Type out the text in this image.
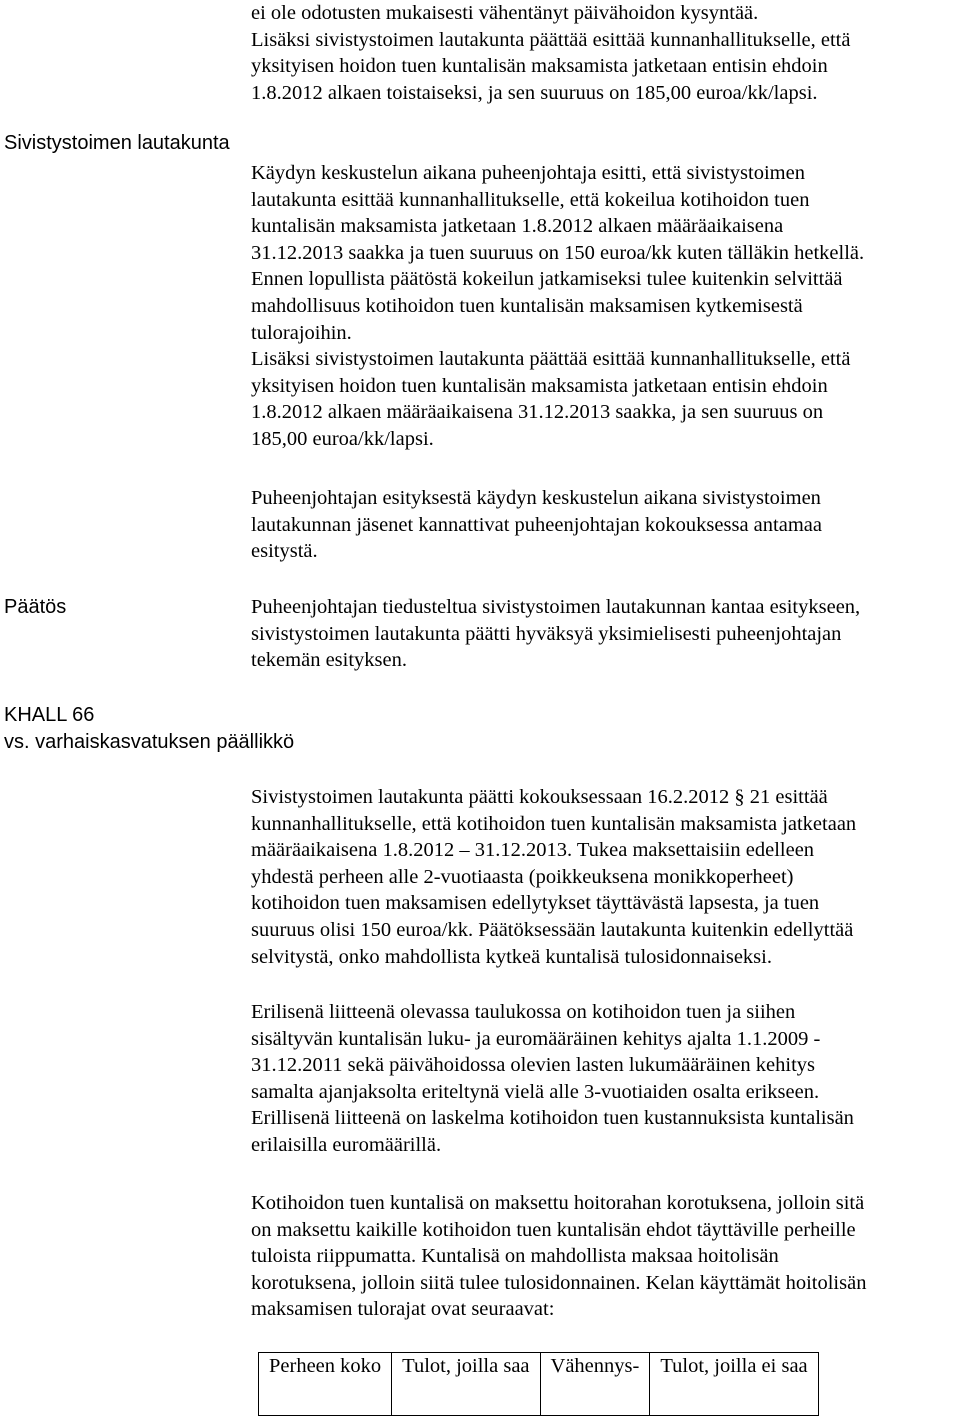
Sivistystoimen lautakunta
Päätös
KHALL 66
vs. varhaiskasvatuksen päällikkö

ei ole odotusten mukaisesti vähentänyt päivähoidon kysyntää.

Lisäksi sivistystoimen lautakunta päättää esittää kunnanhallitukselle, että

yksityisen hoidon tuen kuntalisän maksamista jatketaan entisin ehdoin

1.8.2012 alkaen toistaiseksi, ja sen suuruus on 185,00 euroa/kk/lapsi.

Käydyn keskustelun aikana puheenjohtaja esitti, että sivistystoimen

lautakunta esittää kunnanhallitukselle, että kokeilua kotihoidon tuen

kuntalisän maksamista jatketaan 1.8.2012 alkaen määräaikaisena

31.12.2013 saakka ja tuen suuruus on 150 euroa/kk kuten tälläkin hetkellä.

Ennen lopullista päätöstä kokeilun jatkamiseksi tulee kuitenkin selvittää

mahdollisuus kotihoidon tuen kuntalisän maksamisen kytkemisestä

tulorajoihin.

Lisäksi sivistystoimen lautakunta päättää esittää kunnanhallitukselle, että

yksityisen hoidon tuen kuntalisän maksamista jatketaan entisin ehdoin

1.8.2012 alkaen määräaikaisena 31.12.2013 saakka, ja sen suuruus on

185,00 euroa/kk/lapsi.

Puheenjohtajan esityksestä käydyn keskustelun aikana sivistystoimen

lautakunnan jäsenet kannattivat puheenjohtajan kokouksessa antamaa

esitystä.

Puheenjohtajan tiedusteltua sivistystoimen lautakunnan kantaa esitykseen,

sivistystoimen lautakunta päätti hyväksyä yksimielisesti puheenjohtajan

tekemän esityksen.

Sivistystoimen lautakunta päätti kokouksessaan 16.2.2012 § 21 esittää

kunnanhallitukselle, että kotihoidon tuen kuntalisän maksamista jatketaan

määräaikaisena 1.8.2012 – 31.12.2013. Tukea maksettaisiin edelleen

yhdestä perheen alle 2-vuotiaasta (poikkeuksena monikkoperheet)

kotihoidon tuen maksamisen edellytykset täyttävästä lapsesta, ja tuen

suuruus olisi 150 euroa/kk. Päätöksessään lautakunta kuitenkin edellyttää

selvitystä, onko mahdollista kytkeä kuntalisä tulosidonnaiseksi.

Erilisenä liitteenä olevassa taulukossa on kotihoidon tuen ja siihen

sisältyvän kuntalisän luku- ja euromääräinen kehitys ajalta 1.1.2009 -

31.12.2011 sekä päivähoidossa olevien lasten lukumääräinen kehitys

samalta ajanjaksolta eriteltynä vielä alle 3-vuotiaiden osalta erikseen.

Erillisenä liitteenä on laskelma kotihoidon tuen kustannuksista kuntalisän

erilaisilla euromäärillä.

Kotihoidon tuen kuntalisä on maksettu hoitorahan korotuksena, jolloin sitä

on maksettu kaikille kotihoidon tuen kuntalisän ehdot täyttäville perheille

tuloista riippumatta. Kuntalisä on mahdollista maksaa hoitolisän

korotuksena, jolloin siitä tulee tulosidonnainen. Kelan käyttämät hoitolisän

maksamisen tulorajat ovat seuraavat:

Perheen koko	Tulot, joilla saa	Vähennys-	Tulot, joilla ei saa
